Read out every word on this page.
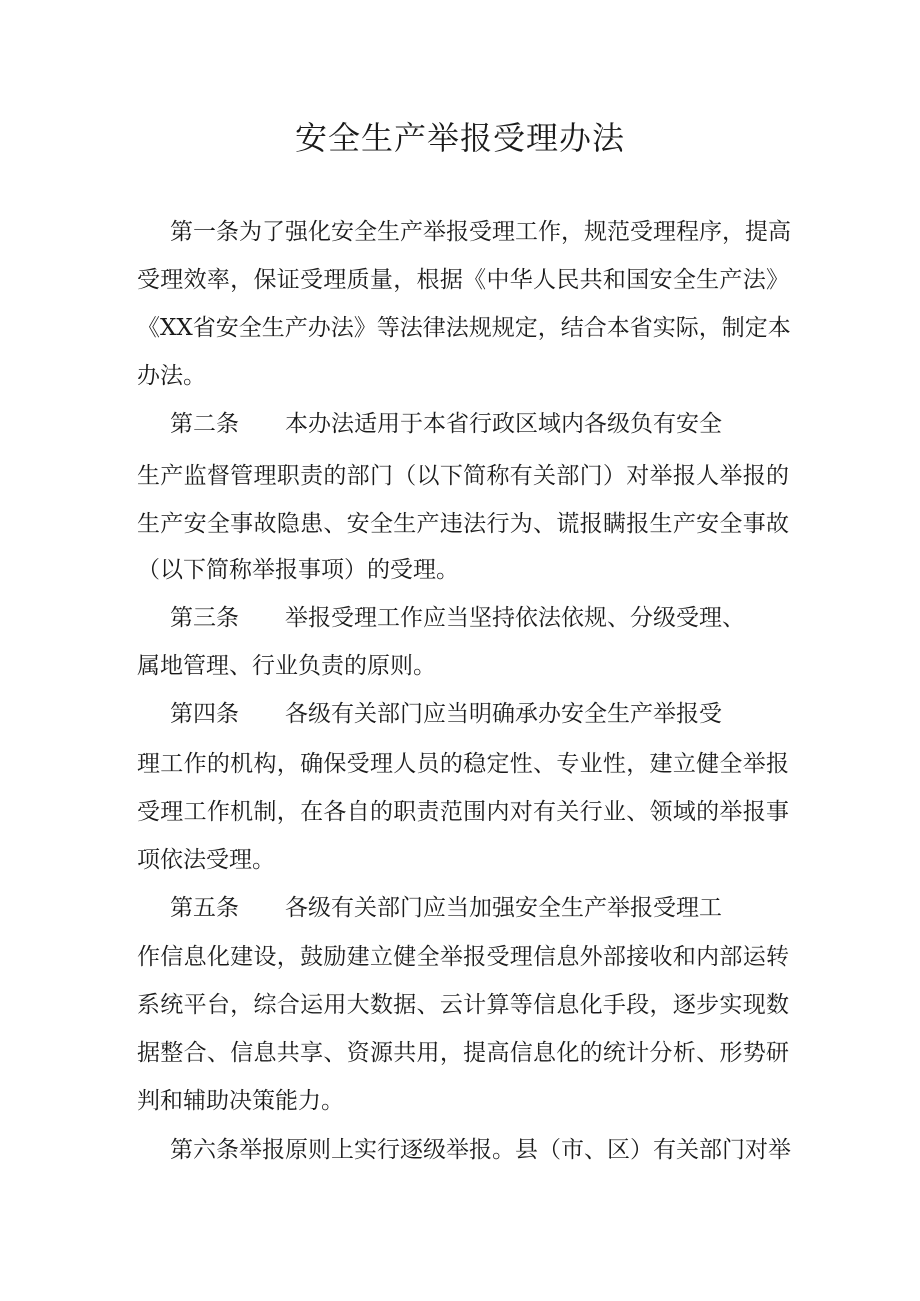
安全生产举报受理办法

第一条为了强化安全生产举报受理工作，规范受理程序，提高

受理效率，保证受理质量，根据《中华人民共和国安全生产法》

《XX省安全生产办法》等法律法规规定，结合本省实际，制定本

办法。

第二条 本办法适用于本省行政区域内各级负有安全

生产监督管理职责的部门（以下简称有关部门）对举报人举报的

生产安全事故隐患、安全生产违法行为、谎报瞒报生产安全事故

（以下简称举报事项）的受理。

第三条 举报受理工作应当坚持依法依规、分级受理、

属地管理、行业负责的原则。

第四条 各级有关部门应当明确承办安全生产举报受

理工作的机构，确保受理人员的稳定性、专业性，建立健全举报

受理工作机制，在各自的职责范围内对有关行业、领域的举报事

项依法受理。

第五条 各级有关部门应当加强安全生产举报受理工

作信息化建设，鼓励建立健全举报受理信息外部接收和内部运转

系统平台，综合运用大数据、云计算等信息化手段，逐步实现数

据整合、信息共享、资源共用，提高信息化的统计分析、形势研

判和辅助决策能力。

第六条举报原则上实行逐级举报。县（市、区）有关部门对举
